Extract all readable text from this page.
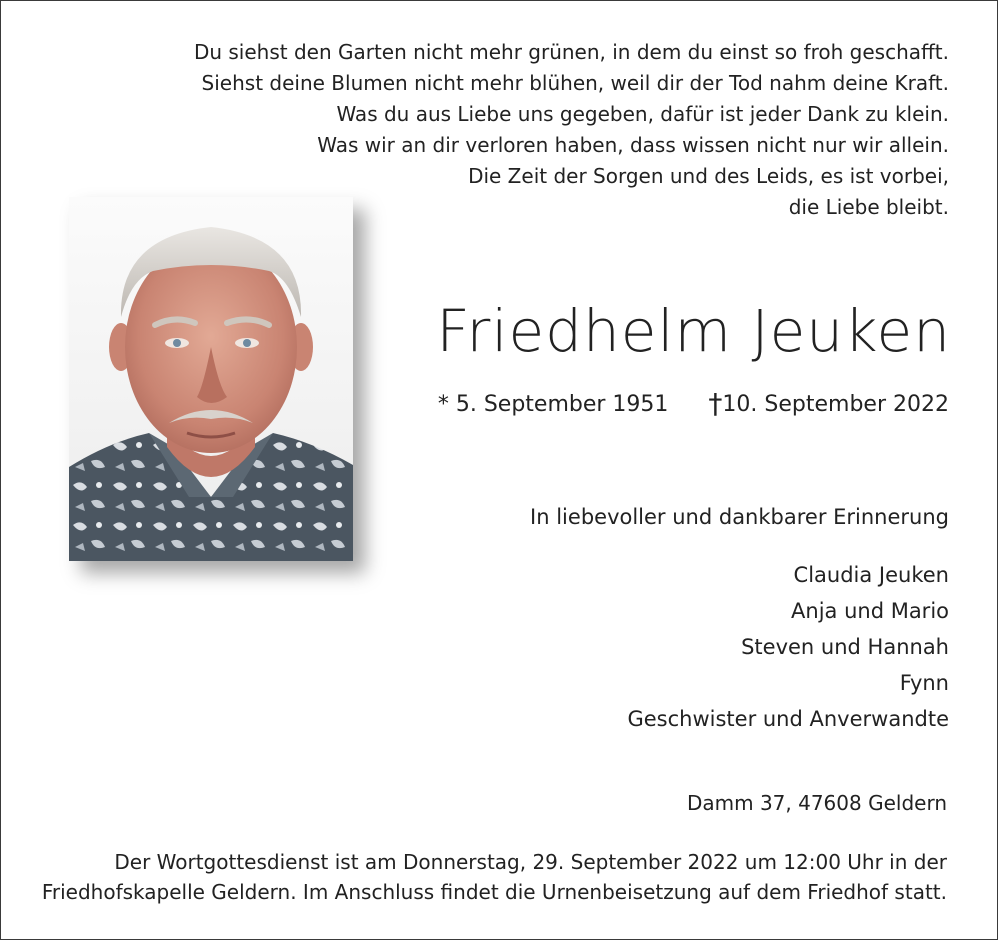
Du siehst den Garten nicht mehr grünen, in dem du einst so froh geschafft.
Siehst deine Blumen nicht mehr blühen, weil dir der Tod nahm deine Kraft.
Was du aus Liebe uns gegeben, dafür ist jeder Dank zu klein.
Was wir an dir verloren haben, dass wissen nicht nur wir allein.
Die Zeit der Sorgen und des Leids, es ist vorbei,
die Liebe bleibt.
Friedhelm Jeuken
* 5. September 1951 †10. September 2022
In liebevoller und dankbarer Erinnerung
Claudia Jeuken
Anja und Mario
Steven und Hannah
Fynn
Geschwister und Anverwandte
Damm 37, 47608 Geldern
Der Wortgottesdienst ist am Donnerstag, 29. September 2022 um 12:00 Uhr in der
Friedhofskapelle Geldern. Im Anschluss findet die Urnenbeisetzung auf dem Friedhof statt.
